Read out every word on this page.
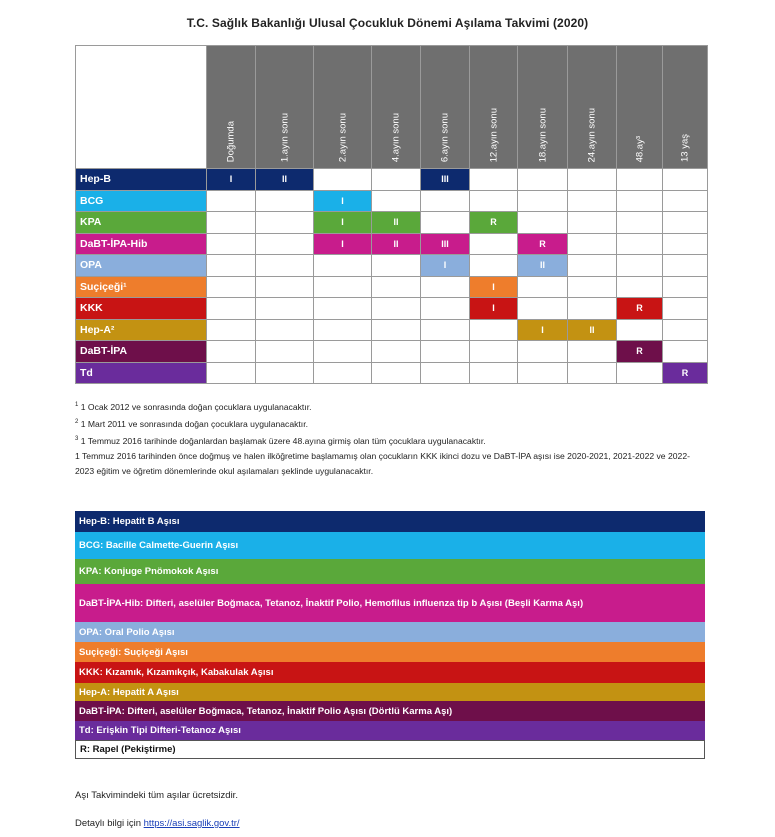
T.C. Sağlık Bakanlığı Ulusal Çocukluk Dönemi Aşılama Takvimi (2020)

	Doğumda	1.ayın sonu	2.ayın sonu	4.ayın sonu	6.ayın sonu	12.ayın sonu	18.ayın sonu	24.ayın sonu	48.ay³	13 yaş

Hep-B	I	II			III					
BCG			I							
KPA			I	II		R				
DaBT-İPA-Hib			I	II	III		R			
OPA					I		II			
Suçiçeği¹						I				
KKK						I			R	
Hep-A²							I	II		
DaBT-İPA									R	
Td										R

$^1$ 1 Ocak 2012 ve sonrasında doğan çocuklara uygulanacaktır.

$^2$ 1 Mart 2011 ve sonrasında doğan çocuklara uygulanacaktır.

$^3$ 1 Temmuz 2016 tarihinde doğanlardan başlamak üzere 48.ayına girmiş olan tüm çocuklara uygulanacaktır.

1 Temmuz 2016 tarihinden önce doğmuş ve halen ilköğretime başlamamış olan çocukların KKK ikinci dozu ve DaBT-İPA aşısı ise 2020-2021, 2021-2022 ve 2022-2023 eğitim ve öğretim dönemlerinde okul aşılamaları şeklinde uygulanacaktır.

Hep-B: Hepatit B Aşısı
BCG: Bacille Calmette-Guerin Aşısı
KPA: Konjuge Pnömokok Aşısı
DaBT-İPA-Hib: Difteri, aselüler Boğmaca, Tetanoz, İnaktif Polio, Hemofilus influenza tip b Aşısı (Beşli Karma Aşı)
OPA: Oral Polio Aşısı
Suçiçeği: Suçiçeği Aşısı
KKK: Kızamık, Kızamıkçık, Kabakulak Aşısı
Hep-A: Hepatit A Aşısı
DaBT-İPA: Difteri, aselüler Boğmaca, Tetanoz, İnaktif Polio Aşısı (Dörtlü Karma Aşı)
Td: Erişkin Tipi Difteri-Tetanoz Aşısı
R: Rapel (Pekiştirme)
Aşı Takvimindeki tüm aşılar ücretsizdir.
Detaylı bilgi için https://asi.saglik.gov.tr/
